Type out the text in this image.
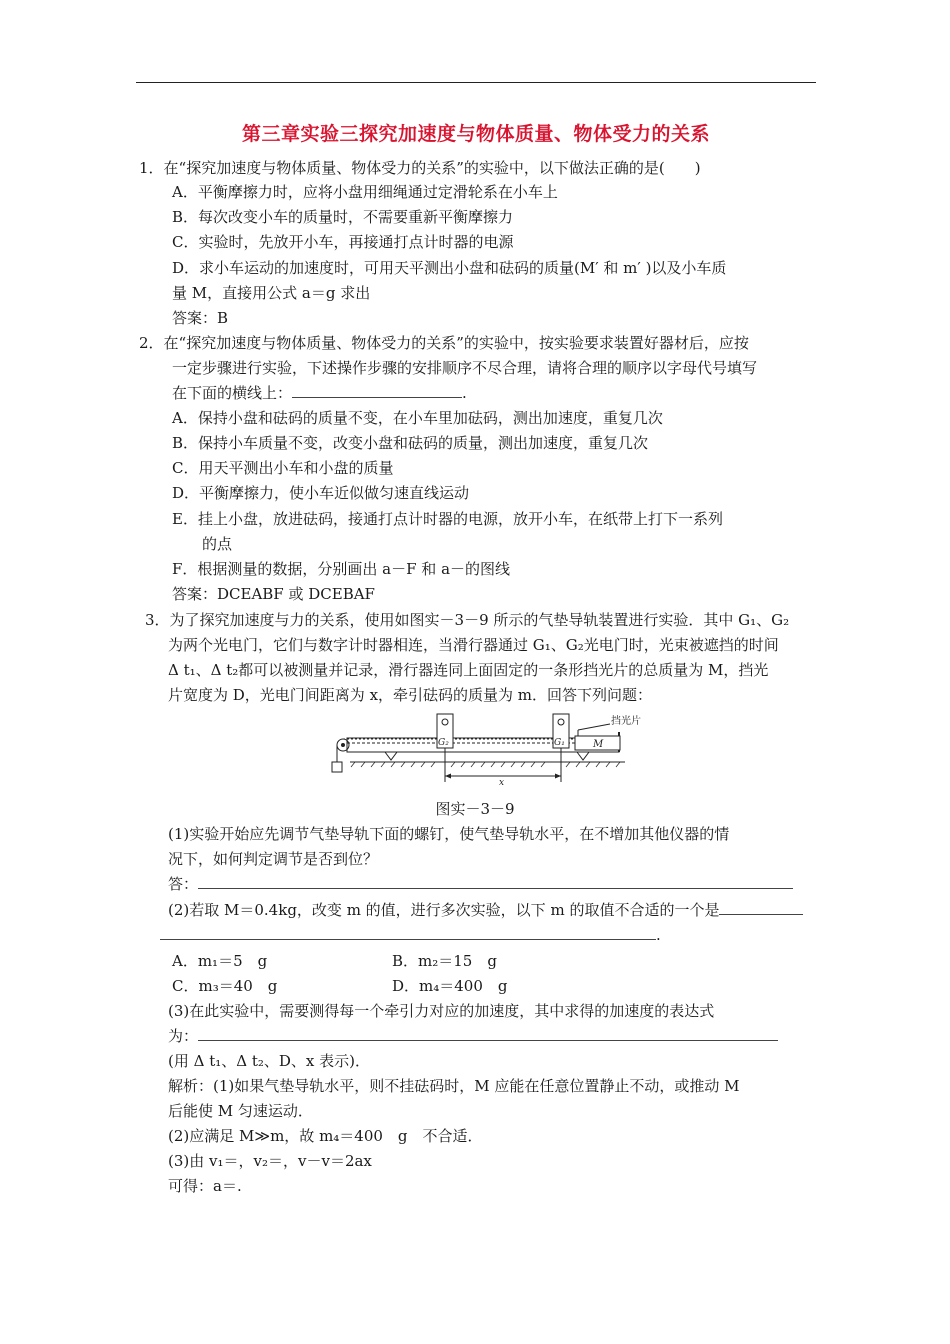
第三章实验三探究加速度与物体质量、物体受力的关系
1．在“探究加速度与物体质量、物体受力的关系”的实验中，以下做法正确的是(　　)
A．平衡摩擦力时，应将小盘用细绳通过定滑轮系在小车上
B．每次改变小车的质量时，不需要重新平衡摩擦力
C．实验时，先放开小车，再接通打点计时器的电源
D．求小车运动的加速度时，可用天平测出小盘和砝码的质量(M′ 和 m′ )以及小车质
量 M，直接用公式 a＝g 求出
答案：B
2．在“探究加速度与物体质量、物体受力的关系”的实验中，按实验要求装置好器材后，应按
一定步骤进行实验，下述操作步骤的安排顺序不尽合理，请将合理的顺序以字母代号填写
在下面的横线上：	.
A．保持小盘和砝码的质量不变，在小车里加砝码，测出加速度，重复几次
B．保持小车质量不变，改变小盘和砝码的质量，测出加速度，重复几次
C．用天平测出小车和小盘的质量
D．平衡摩擦力，使小车近似做匀速直线运动
E．挂上小盘，放进砝码，接通打点计时器的电源，放开小车，在纸带上打下一系列
的点
F．根据测量的数据，分别画出 a－F 和 a－的图线
答案：DCEABF 或 DCEBAF
3．为了探究加速度与力的关系，使用如图实－3－9 所示的气垫导轨装置进行实验．其中 G₁、G₂
为两个光电门，它们与数字计时器相连，当滑行器通过 G₁、G₂光电门时，光束被遮挡的时间
Δ t₁、Δ t₂都可以被测量并记录，滑行器连同上面固定的一条形挡光片的总质量为 M，挡光
片宽度为 D，光电门间距离为 x，牵引砝码的质量为 m．回答下列问题：
挡光片
G₂	G₁	M
x
图实－3－9
(1)实验开始应先调节气垫导轨下面的螺钉，使气垫导轨水平，在不增加其他仪器的情
况下，如何判定调节是否到位？
答：
(2)若取 M＝0.4kg，改变 m 的值，进行多次实验，以下 m 的取值不合适的一个是
.
A．m₁＝5　g	B．m₂＝15　g
C．m₃＝40　g	D．m₄＝400　g
(3)在此实验中，需要测得每一个牵引力对应的加速度，其中求得的加速度的表达式
为：
(用 Δ t₁、Δ t₂、D、x 表示)．
解析：(1)如果气垫导轨水平，则不挂砝码时，M 应能在任意位置静止不动，或推动 M
后能使 M 匀速运动．
(2)应满足 M≫m，故 m₄＝400　g　不合适．
(3)由 v₁＝，v₂＝，v－v＝2ax
可得：a＝.
